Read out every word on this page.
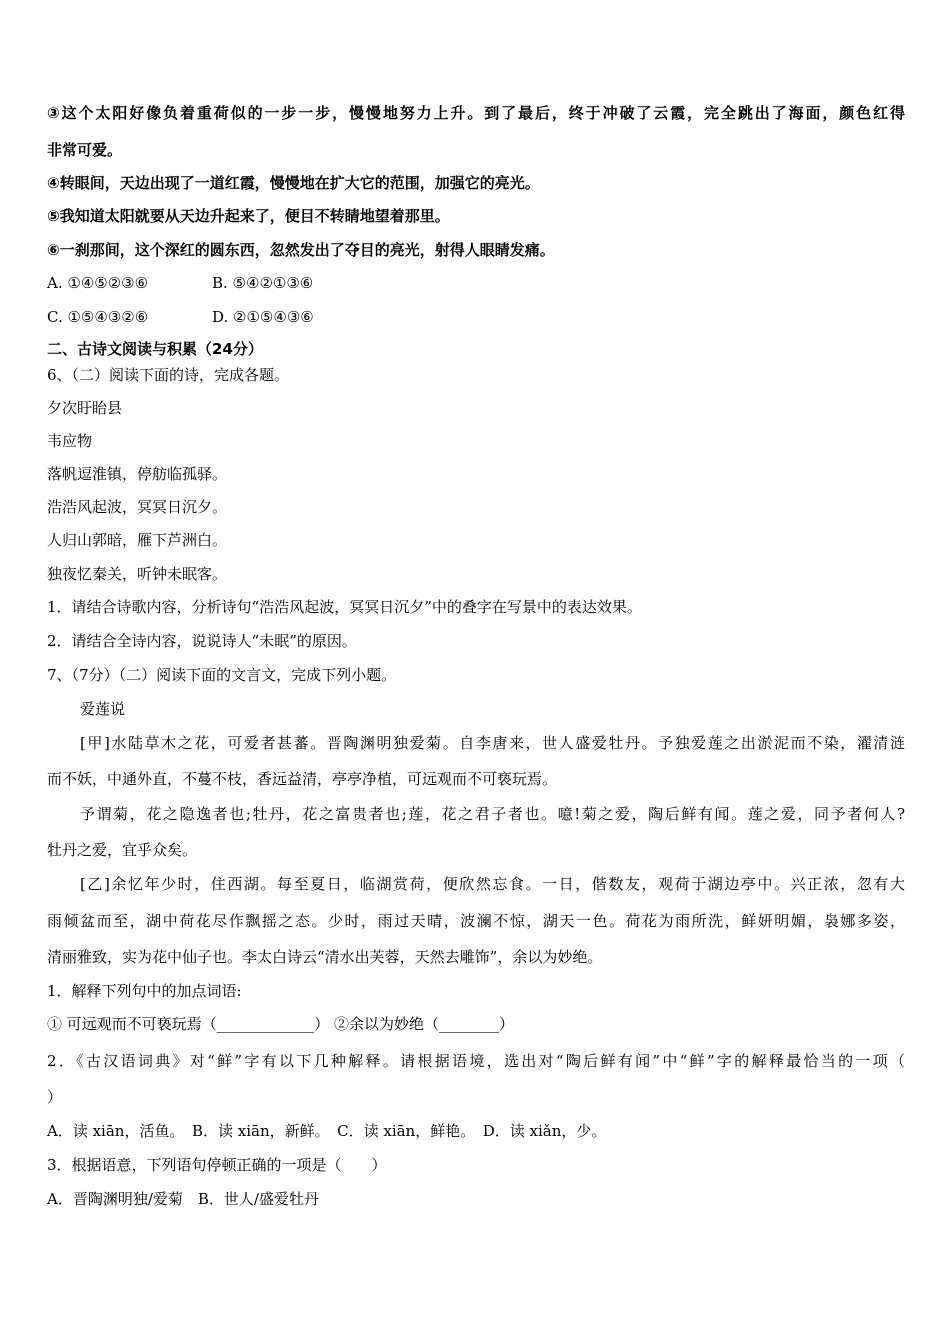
③这个太阳好像负着重荷似的一步一步，慢慢地努力上升。到了最后，终于冲破了云霞，完全跳出了海面，颜色红得
非常可爱。
④转眼间，天边出现了一道红霞，慢慢地在扩大它的范围，加强它的亮光。
⑤我知道太阳就要从天边升起来了，便目不转睛地望着那里。
⑥一刹那间，这个深红的圆东西，忽然发出了夺目的亮光，射得人眼睛发痛。
A. ①④⑤②③⑥	B. ⑤④②①③⑥
C. ①⑤④③②⑥	D. ②①⑤④③⑥
二、古诗文阅读与积累（24分）
6、（二）阅读下面的诗，完成各题。
夕次盱眙县
韦应物
落帆逗淮镇，停舫临孤驿。
浩浩风起波，冥冥日沉夕。
人归山郭暗，雁下芦洲白。
独夜忆秦关，听钟未眠客。
1．请结合诗歌内容，分析诗句“浩浩风起波，冥冥日沉夕”中的叠字在写景中的表达效果。
2．请结合全诗内容，说说诗人“未眠”的原因。
7、（7分）（二）阅读下面的文言文，完成下列小题。
爱莲说
[甲]水陆草木之花，可爱者甚蕃。晋陶渊明独爱菊。自李唐来，世人盛爱牡丹。予独爱莲之出淤泥而不染，濯清涟
而不妖，中通外直，不蔓不枝，香远益清，亭亭净植，可远观而不可亵玩焉。
予谓菊，花之隐逸者也;牡丹，花之富贵者也;莲，花之君子者也。噫!菊之爱，陶后鲜有闻。莲之爱，同予者何人?
牡丹之爱，宜乎众矣。
[乙]余忆年少时，住西湖。每至夏日，临湖赏荷，便欣然忘食。一日，偕数友，观荷于湖边亭中。兴正浓，忽有大
雨倾盆而至，湖中荷花尽作飘摇之态。少时，雨过天晴，波澜不惊，湖天一色。荷花为雨所洗，鲜妍明媚，袅娜多姿，
清丽雅致，实为花中仙子也。李太白诗云“清水出芙蓉，天然去雕饰”，余以为妙绝。
1．解释下列句中的加点词语:
① 可远观而不可亵玩焉（_____________） ②余以为妙绝（________）
2．《古汉语词典》对“鲜”字有以下几种解释。请根据语境，选出对“陶后鲜有闻”中“鲜”字的解释最恰当的一项（
）
A．读 xiān，活鱼。　B．读 xiān，新鲜。　C．读 xiān，鲜艳。　D．读 xiǎn，少。
3．根据语意，下列语句停顿正确的一项是（　　）
A．晋陶渊明独/爱菊　B．世人/盛爱牡丹
